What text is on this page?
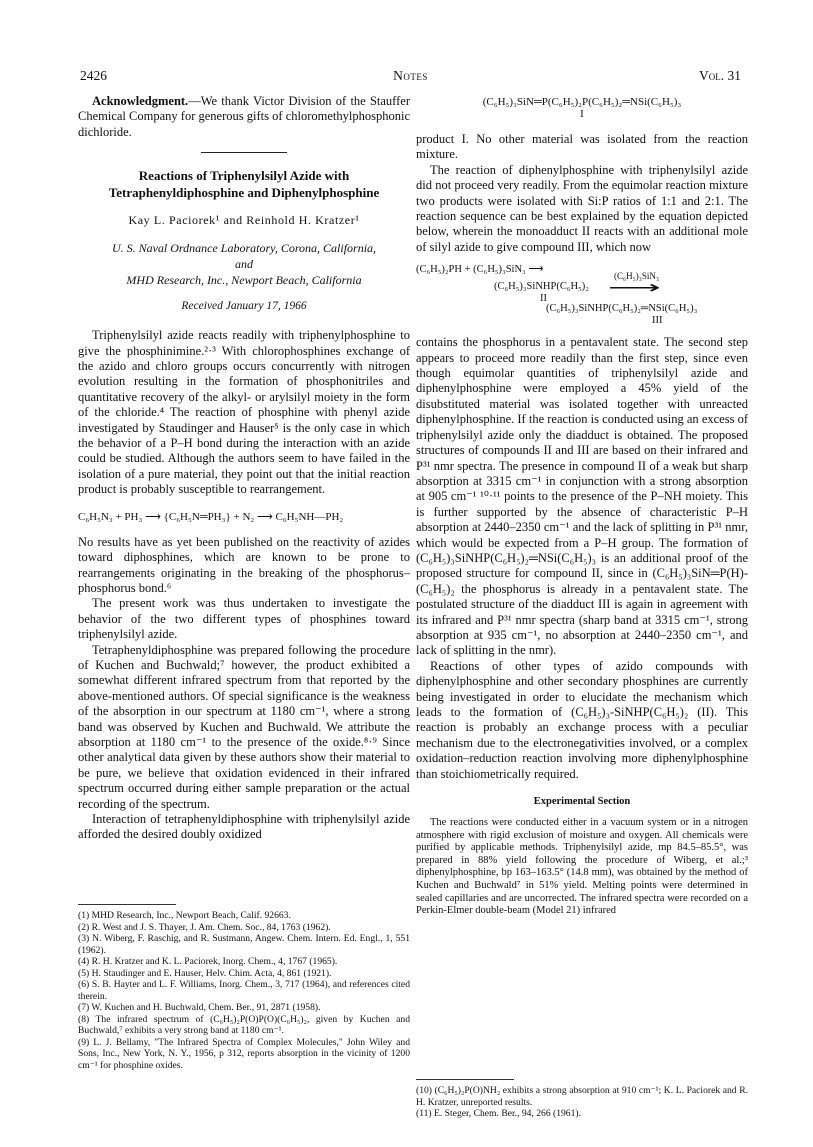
2426	Notes	Vol. 31

Acknowledgment.—We thank Victor Division of the Stauffer Chemical Company for generous gifts of chloromethylphosphonic dichloride.

Reactions of Triphenylsilyl Azide with
Tetraphenyldiphosphine and Diphenylphosphine
Kay L. Paciorek¹ and Reinhold H. Kratzer¹
U. S. Naval Ordnance Laboratory, Corona, California,
and
MHD Research, Inc., Newport Beach, California
Received January 17, 1966

Triphenylsilyl azide reacts readily with triphenylphosphine to give the phosphinimine.²·³ With chlorophosphines exchange of the azido and chloro groups occurs concurrently with nitrogen evolution resulting in the formation of phosphonitriles and quantitative recovery of the alkyl- or arylsilyl moiety in the form of the chloride.⁴ The reaction of phosphine with phenyl azide investigated by Staudinger and Hauser⁵ is the only case in which the behavior of a P–H bond during the interaction with an azide could be studied. Although the authors seem to have failed in the isolation of a pure material, they point out that the initial reaction product is probably susceptible to rearrangement.

C₆H₅N₃ + PH₃ ⟶ {C₆H₅N═PH₃} + N₂ ⟶ C₆H₅NH—PH₂

No results have as yet been published on the reactivity of azides toward diphosphines, which are known to be prone to rearrangements originating in the breaking of the phosphorus–phosphorus bond.⁶

The present work was thus undertaken to investigate the behavior of the two different types of phosphines toward triphenylsilyl azide.

Tetraphenyldiphosphine was prepared following the procedure of Kuchen and Buchwald;⁷ however, the product exhibited a somewhat different infrared spectrum from that reported by the above-mentioned authors. Of special significance is the weakness of the absorption in our spectrum at 1180 cm⁻¹, where a strong band was observed by Kuchen and Buchwald. We attribute the absorption at 1180 cm⁻¹ to the presence of the oxide.⁸·⁹ Since other analytical data given by these authors show their material to be pure, we believe that oxidation evidenced in their infrared spectrum occurred during either sample preparation or the actual recording of the spectrum.

Interaction of tetraphenyldiphosphine with triphenylsilyl azide afforded the desired doubly oxidized

(1) MHD Research, Inc., Newport Beach, Calif. 92663.
(2) R. West and J. S. Thayer, J. Am. Chem. Soc., 84, 1763 (1962).
(3) N. Wiberg, F. Raschig, and R. Sustmann, Angew. Chem. Intern. Ed. Engl., 1, 551 (1962).
(4) R. H. Kratzer and K. L. Paciorek, Inorg. Chem., 4, 1767 (1965).
(5) H. Staudinger and E. Hauser, Helv. Chim. Acta, 4, 861 (1921).
(6) S. B. Hayter and L. F. Williams, Inorg. Chem., 3, 717 (1964), and references cited therein.
(7) W. Kuchen and H. Buchwald, Chem. Ber., 91, 2871 (1958).
(8) The infrared spectrum of (C₆H₅)₂P(O)P(O)(C₆H₅)₂, given by Kuchen and Buchwald,⁷ exhibits a very strong band at 1180 cm⁻¹.
(9) L. J. Bellamy, "The Infrared Spectra of Complex Molecules," John Wiley and Sons, Inc., New York, N. Y., 1956, p 312, reports absorption in the vicinity of 1200 cm⁻¹ for phosphine oxides.
(C₆H₅)₃SiN═P(C₆H₅)₂P(C₆H₅)₂═NSi(C₆H₅)₃
I

product I. No other material was isolated from the reaction mixture.

The reaction of diphenylphosphine with triphenylsilyl azide did not proceed very readily. From the equimolar reaction mixture two products were isolated with Si:P ratios of 1:1 and 2:1. The reaction sequence can be best explained by the equation depicted below, wherein the monoadduct II reacts with an additional mole of silyl azide to give compound III, which now

(C₆H₅)₂PH + (C₆H₅)₃SiN₃ ⟶
(C₆H₅)₃SiNHP(C₆H₅)₂
(C₆H₅)₃SiN₃
⟶
II
(C₆H₅)₃SiNHP(C₆H₅)₂═NSi(C₆H₅)₃
III

contains the phosphorus in a pentavalent state. The second step appears to proceed more readily than the first step, since even though equimolar quantities of triphenylsilyl azide and diphenylphosphine were employed a 45% yield of the disubstituted material was isolated together with unreacted diphenylphosphine. If the reaction is conducted using an excess of triphenylsilyl azide only the diadduct is obtained. The proposed structures of compounds II and III are based on their infrared and P³¹ nmr spectra. The presence in compound II of a weak but sharp absorption at 3315 cm⁻¹ in conjunction with a strong absorption at 905 cm⁻¹ ¹⁰·¹¹ points to the presence of the P–NH moiety. This is further supported by the absence of characteristic P–H absorption at 2440–2350 cm⁻¹ and the lack of splitting in P³¹ nmr, which would be expected from a P–H group. The formation of (C₆H₅)₃SiNHP(C₆H₅)₂═NSi(C₆H₅)₃ is an additional proof of the proposed structure for compound II, since in (C₆H₅)₃SiN═P(H)-(C₆H₅)₂ the phosphorus is already in a pentavalent state. The postulated structure of the diadduct III is again in agreement with its infrared and P³¹ nmr spectra (sharp band at 3315 cm⁻¹, strong absorption at 935 cm⁻¹, no absorption at 2440–2350 cm⁻¹, and lack of splitting in the nmr).

Reactions of other types of azido compounds with diphenylphosphine and other secondary phosphines are currently being investigated in order to elucidate the mechanism which leads to the formation of (C₆H₅)₃-SiNHP(C₆H₅)₂ (II). This reaction is probably an exchange process with a peculiar mechanism due to the electronegativities involved, or a complex oxidation–reduction reaction involving more diphenylphosphine than stoichiometrically required.

Experimental Section

The reactions were conducted either in a vacuum system or in a nitrogen atmosphere with rigid exclusion of moisture and oxygen. All chemicals were purified by applicable methods. Triphenylsilyl azide, mp 84.5–85.5°, was prepared in 88% yield following the procedure of Wiberg, et al.;³ diphenylphosphine, bp 163–163.5° (14.8 mm), was obtained by the method of Kuchen and Buchwald⁷ in 51% yield. Melting points were determined in sealed capillaries and are uncorrected. The infrared spectra were recorded on a Perkin-Elmer double-beam (Model 21) infrared

(10) (C₆H₅)₂P(O)NH₂ exhibits a strong absorption at 910 cm⁻¹; K. L. Paciorek and R. H. Kratzer, unreported results.
(11) E. Steger, Chem. Ber., 94, 266 (1961).
